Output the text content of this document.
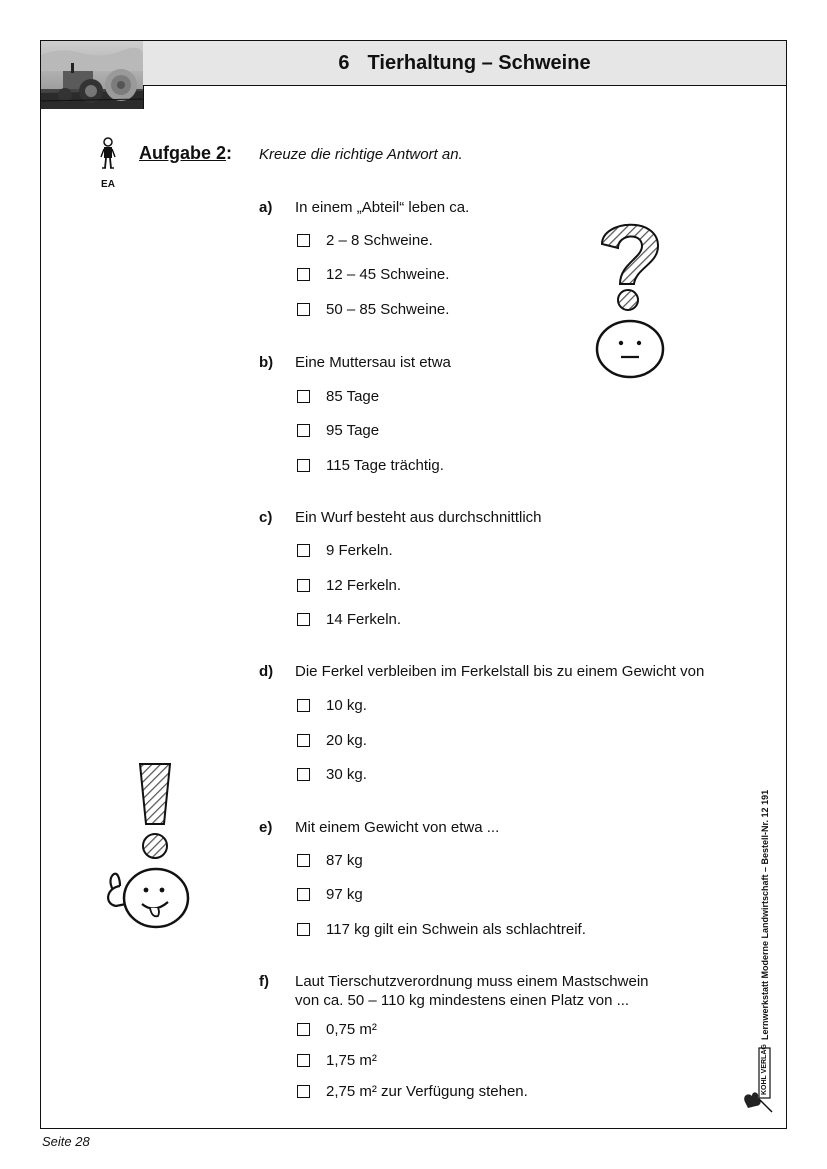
6 Tierhaltung – Schweine
EA
Aufgabe 2: Kreuze die richtige Antwort an.
a) In einem „Abteil“ leben ca.
2 – 8 Schweine.
12 – 45 Schweine.
50 – 85 Schweine.
b) Eine Muttersau ist etwa
85 Tage
95 Tage
115 Tage trächtig.
c) Ein Wurf besteht aus durchschnittlich
9 Ferkeln.
12 Ferkeln.
14 Ferkeln.
d) Die Ferkel verbleiben im Ferkelstall bis zu einem Gewicht von
10 kg.
20 kg.
30 kg.
e) Mit einem Gewicht von etwa ...
87 kg
97 kg
117 kg gilt ein Schwein als schlachtreif.
f) Laut Tierschutzverordnung muss einem Mastschwein
von ca. 50 – 110 kg mindestens einen Platz von ...
0,75 m²
1,75 m²
2,75 m² zur Verfügung stehen.
Lernwerkstatt Moderne Landwirtschaft – Bestell-Nr. 12 191
KOHL VERLAG
Seite 28
